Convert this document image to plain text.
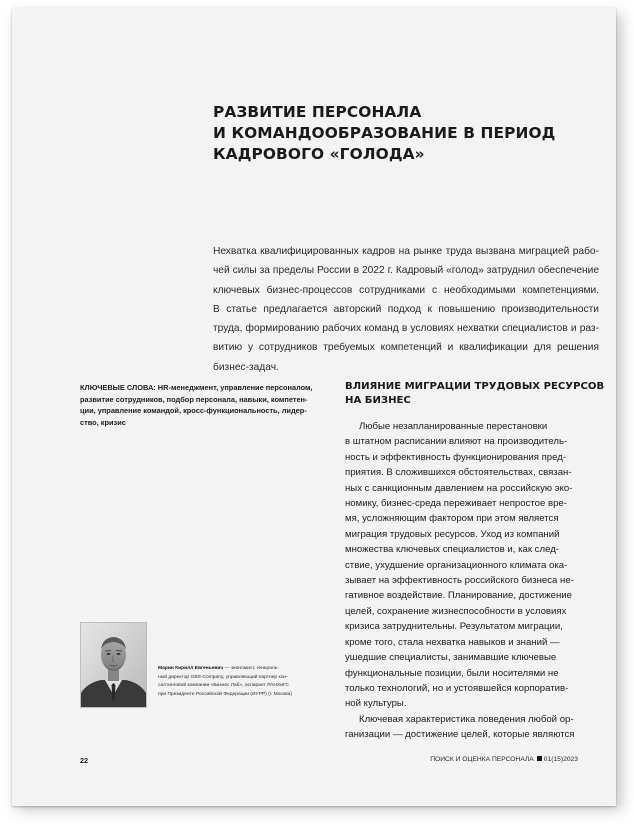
РАЗВИТИЕ ПЕРСОНАЛА
И КОМАНДООБРАЗОВАНИЕ В ПЕРИОД
КАДРОВОГО «ГОЛОДА»

Нехватка квалифицированных кадров на рынке труда вызвана миграцией рабо-
чей силы за пределы России в 2022 г. Кадровый «голод» затруднил обеспечение
ключевых бизнес-процессов сотрудниками с необходимыми компетенциями.
В статье предлагается авторский подход к повышению производительности
труда, формированию рабочих команд в условиях нехватки специалистов и раз-
витию у сотрудников требуемых компетенций и квалификации для решения
бизнес-задач.

КЛЮЧЕВЫЕ СЛОВА: HR-менеджмент, управление персоналом,
развитие сотрудников, подбор персонала, навыки, компетен-
ции, управление командой, кросс-функциональность, лидер-
ство, кризис

ВЛИЯНИЕ МИГРАЦИИ ТРУДОВЫХ РЕСУРСОВ
НА БИЗНЕС

Любые незапланированные перестановки
в штатном расписании влияют на производитель-
ность и эффективность функционирования пред-
приятия. В сложившихся обстоятельствах, связан-
ных с санкционным давлением на российскую эко-
номику, бизнес-среда переживает непростое вре-
мя, усложняющим фактором при этом является
миграция трудовых ресурсов. Уход из компаний
множества ключевых специалистов и, как след-
ствие, ухудшение организационного климата ока-
зывает на эффективность российского бизнеса не-
гативное воздействие. Планирование, достижение
целей, сохранение жизнеспособности в условиях
кризиса затруднительны. Результатом миграции,
кроме того, стала нехватка навыков и знаний —
ушедшие специалисты, занимавшие ключевые
функциональные позиции, были носителями не
только технологий, но и устоявшейся корпоратив-
ной культуры.
Ключевая характеристика поведения любой ор-
ганизации — достижение целей, которые являются

Марин Кирилл Евгеньевич — экономист, генераль-
ный директор GBS-Company, управляющий партнер кон-
салтинговой компании «Бизнес Лаб», аспирант РАНХиГС
при Президенте Российской Федерации (ИУРР) (г. Москва)

22	ПОИСК И ОЦЕНКА ПЕРСОНАЛА 01(15)2023
